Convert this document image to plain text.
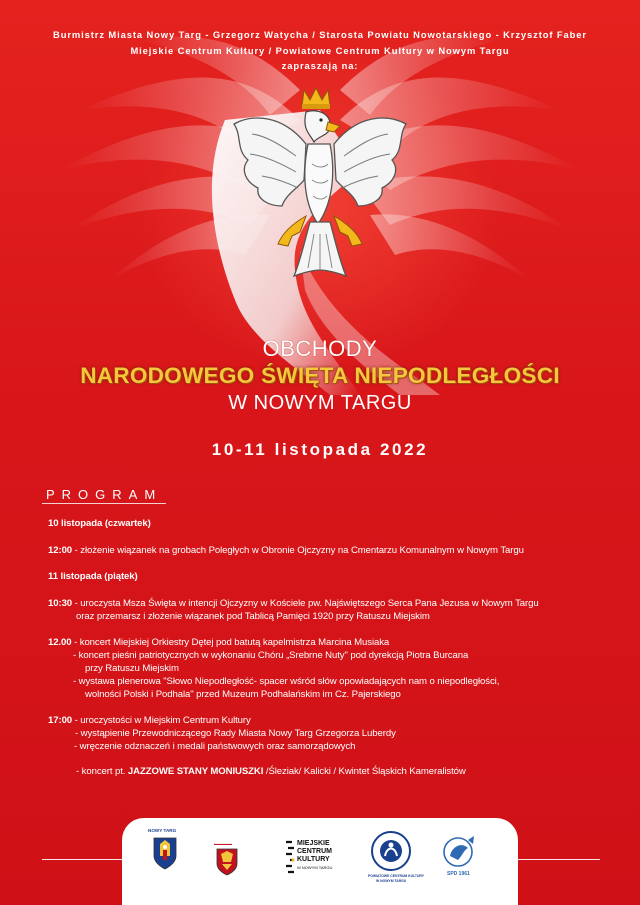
Burmistrz Miasta Nowy Targ - Grzegorz Watycha / Starosta Powiatu Nowotarskiego - Krzysztof Faber
Miejskie Centrum Kultury / Powiatowe Centrum Kultury w Nowym Targu
zapraszają na:
OBCHODY
NARODOWEGO ŚWIĘTA NIEPODLEGŁOŚCI
W NOWYM TARGU
10-11 listopada 2022
PROGRAM

10 listopada (czwartek)

12:00 - złożenie wiązanek na grobach Poległych w Obronie Ojczyzny na Cmentarzu Komunalnym w Nowym Targu

11 listopada (piątek)

10:30 - uroczysta Msza Święta w intencji Ojczyzny w Kościele pw. Najświętszego Serca Pana Jezusa w Nowym Targu

oraz przemarsz i złożenie wiązanek pod Tablicą Pamięci 1920 przy Ratuszu Miejskim

12.00 - koncert Miejskiej Orkiestry Dętej pod batutą kapelmistrza Marcina Musiaka

- koncert pieśni patriotycznych w wykonaniu Chóru „Srebrne Nuty" pod dyrekcją Piotra Burcana

przy Ratuszu Miejskim

- wystawa plenerowa "Słowo Niepodległość- spacer wśród słów opowiadających nam o niepodległości,

wolności Polski i Podhala" przed Muzeum Podhalańskim im Cz. Pajerskiego

17:00 - uroczystości w Miejskim Centrum Kultury

- wystąpienie Przewodniczącego Rady Miasta Nowy Targ Grzegorza Luberdy

- wręczenie odznaczeń i medali państwowych oraz samorządowych

- koncert pt. JAZZOWE STANY MONIUSZKI /Śleziak/ Kalicki / Kwintet Śląskich Kameralistów

NOWY TARG
▬▬▬▬▬	MIEJSKIE
CENTRUM
KULTURY
W NOWYM TARGU
POWIATOWE CENTRUM KULTURY
W NOWYM TARGU
SPD 1961
